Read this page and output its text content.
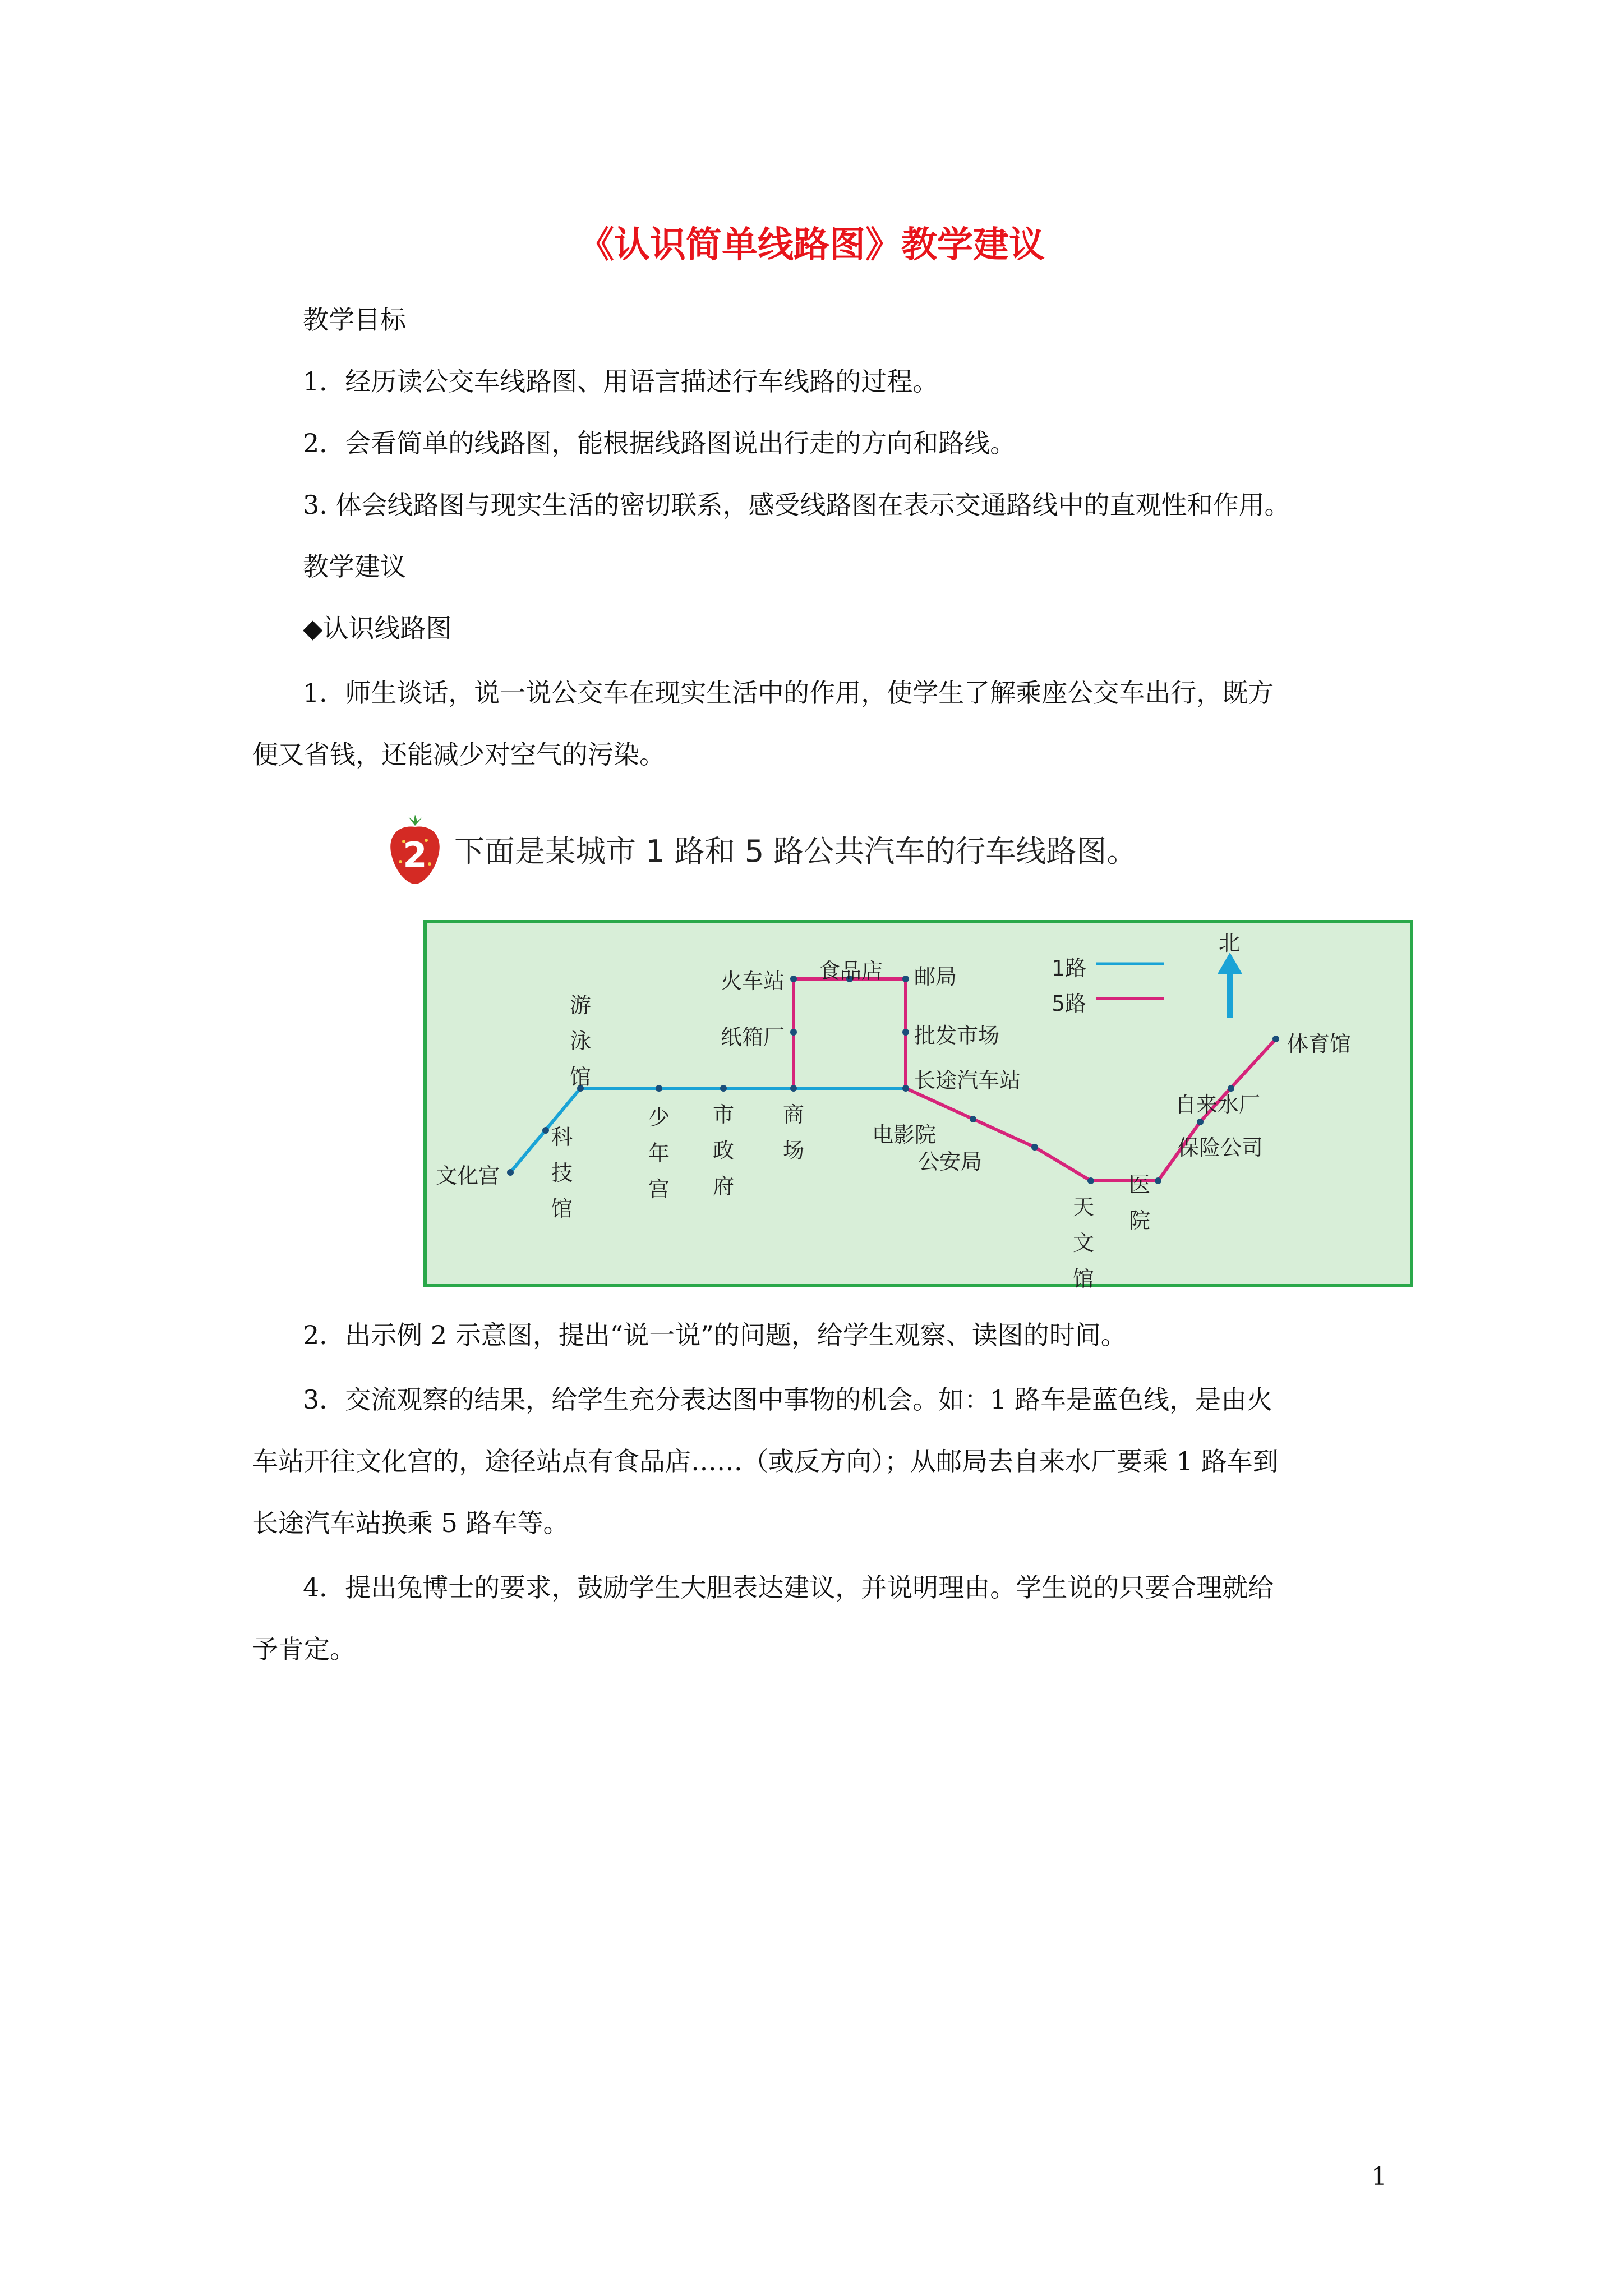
《认识简单线路图》教学建议
教学目标
1．经历读公交车线路图、用语言描述行车线路的过程。
2．会看简单的线路图，能根据线路图说出行走的方向和路线。
3. 体会线路图与现实生活的密切联系，感受线路图在表示交通路线中的直观性和作用。
教学建议
◆认识线路图
1．师生谈话，说一说公交车在现实生活中的作用，使学生了解乘座公交车出行，既方
便又省钱，还能减少对空气的污染。
2 下面是某城市 1 路和 5 路公共汽车的行车线路图。
1路
5路
北
文化宫
科技馆
游泳馆
少年宫
市政府
商场
火车站
纸箱厂
食品店 邮局
批发市场
长途汽车站
电影院
公安局
天文馆
医院
保险公司
自来水厂
体育馆
2．出示例 2 示意图，提出“说一说”的问题，给学生观察、读图的时间。
3．交流观察的结果，给学生充分表达图中事物的机会。如：1 路车是蓝色线，是由火
车站开往文化宫的，途径站点有食品店……（或反方向）；从邮局去自来水厂要乘 1 路车到
长途汽车站换乘 5 路车等。
4．提出兔博士的要求，鼓励学生大胆表达建议，并说明理由。学生说的只要合理就给
予肯定。
1
